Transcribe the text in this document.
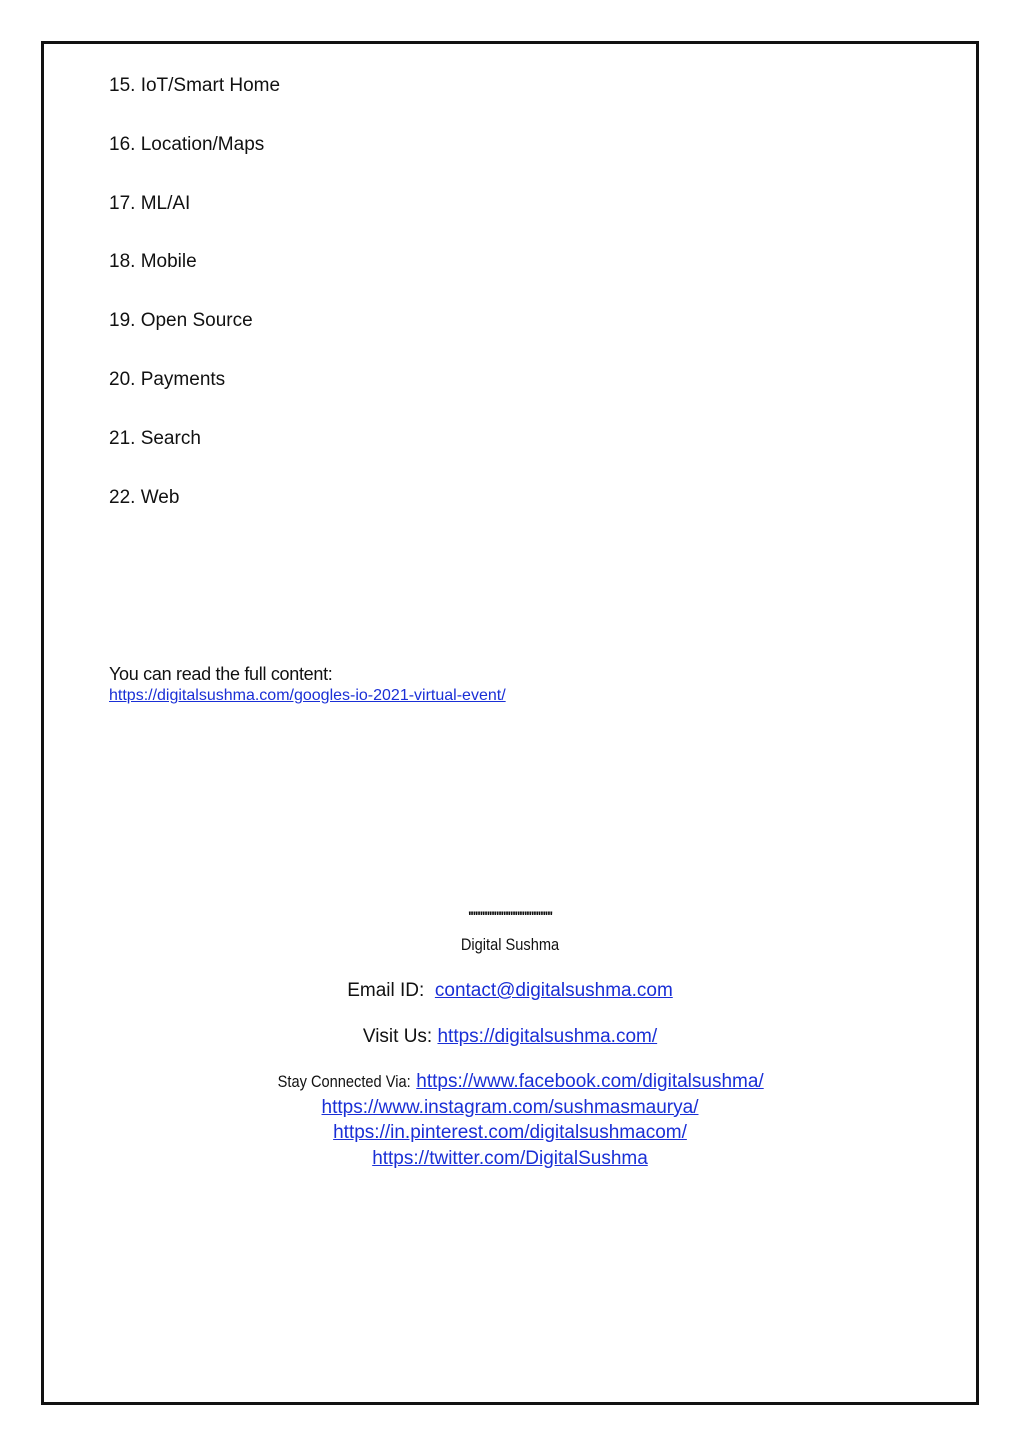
15. IoT/Smart Home
16. Location/Maps
17. ML/AI
18. Mobile
19. Open Source
20. Payments
21. Search
22. Web
You can read the full content:
https://digitalsushma.com/googles-io-2021-virtual-event/
''''''''''''''''''''''''''''''''''''
Digital Sushma
Email ID: contact@digitalsushma.com
Visit Us: https://digitalsushma.com/
Stay Connected Via: https://www.facebook.com/digitalsushma/
https://www.instagram.com/sushmasmaurya/
https://in.pinterest.com/digitalsushmacom/
https://twitter.com/DigitalSushma
